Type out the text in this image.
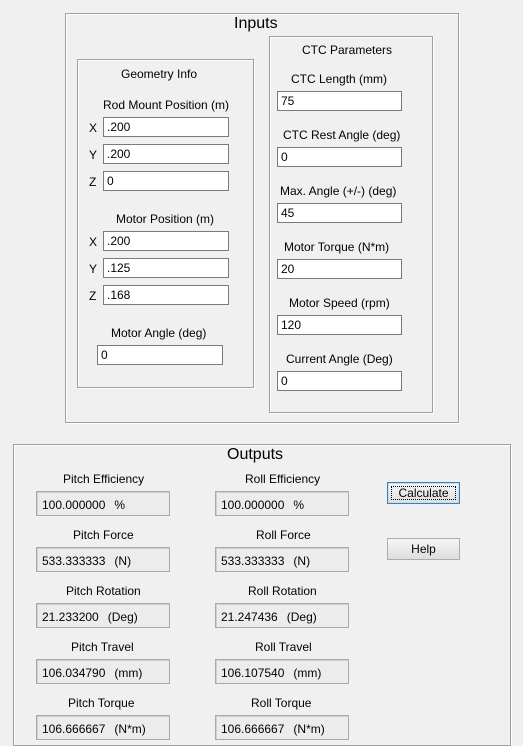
Inputs
Geometry Info
Rod Mount Position (m)
X
.200
Y
.200
Z
0
Motor Position (m)
X
.200
Y
.125
Z
.168
Motor Angle (deg)
0
CTC Parameters
CTC Length (mm)
75
CTC Rest Angle (deg)
0
Max. Angle (+/-) (deg)
45
Motor Torque (N*m)
20
Motor Speed (rpm)
120
Current Angle (Deg)
0
Outputs
Pitch Efficiency
100.000000 %
Roll Efficiency
100.000000 %
Pitch Force
533.333333 (N)
Roll Force
533.333333 (N)
Pitch Rotation
21.233200 (Deg)
Roll Rotation
21.247436 (Deg)
Pitch Travel
106.034790 (mm)
Roll Travel
106.107540 (mm)
Pitch Torque
106.666667 (N*m)
Roll Torque
106.666667 (N*m)
Calculate
Help
